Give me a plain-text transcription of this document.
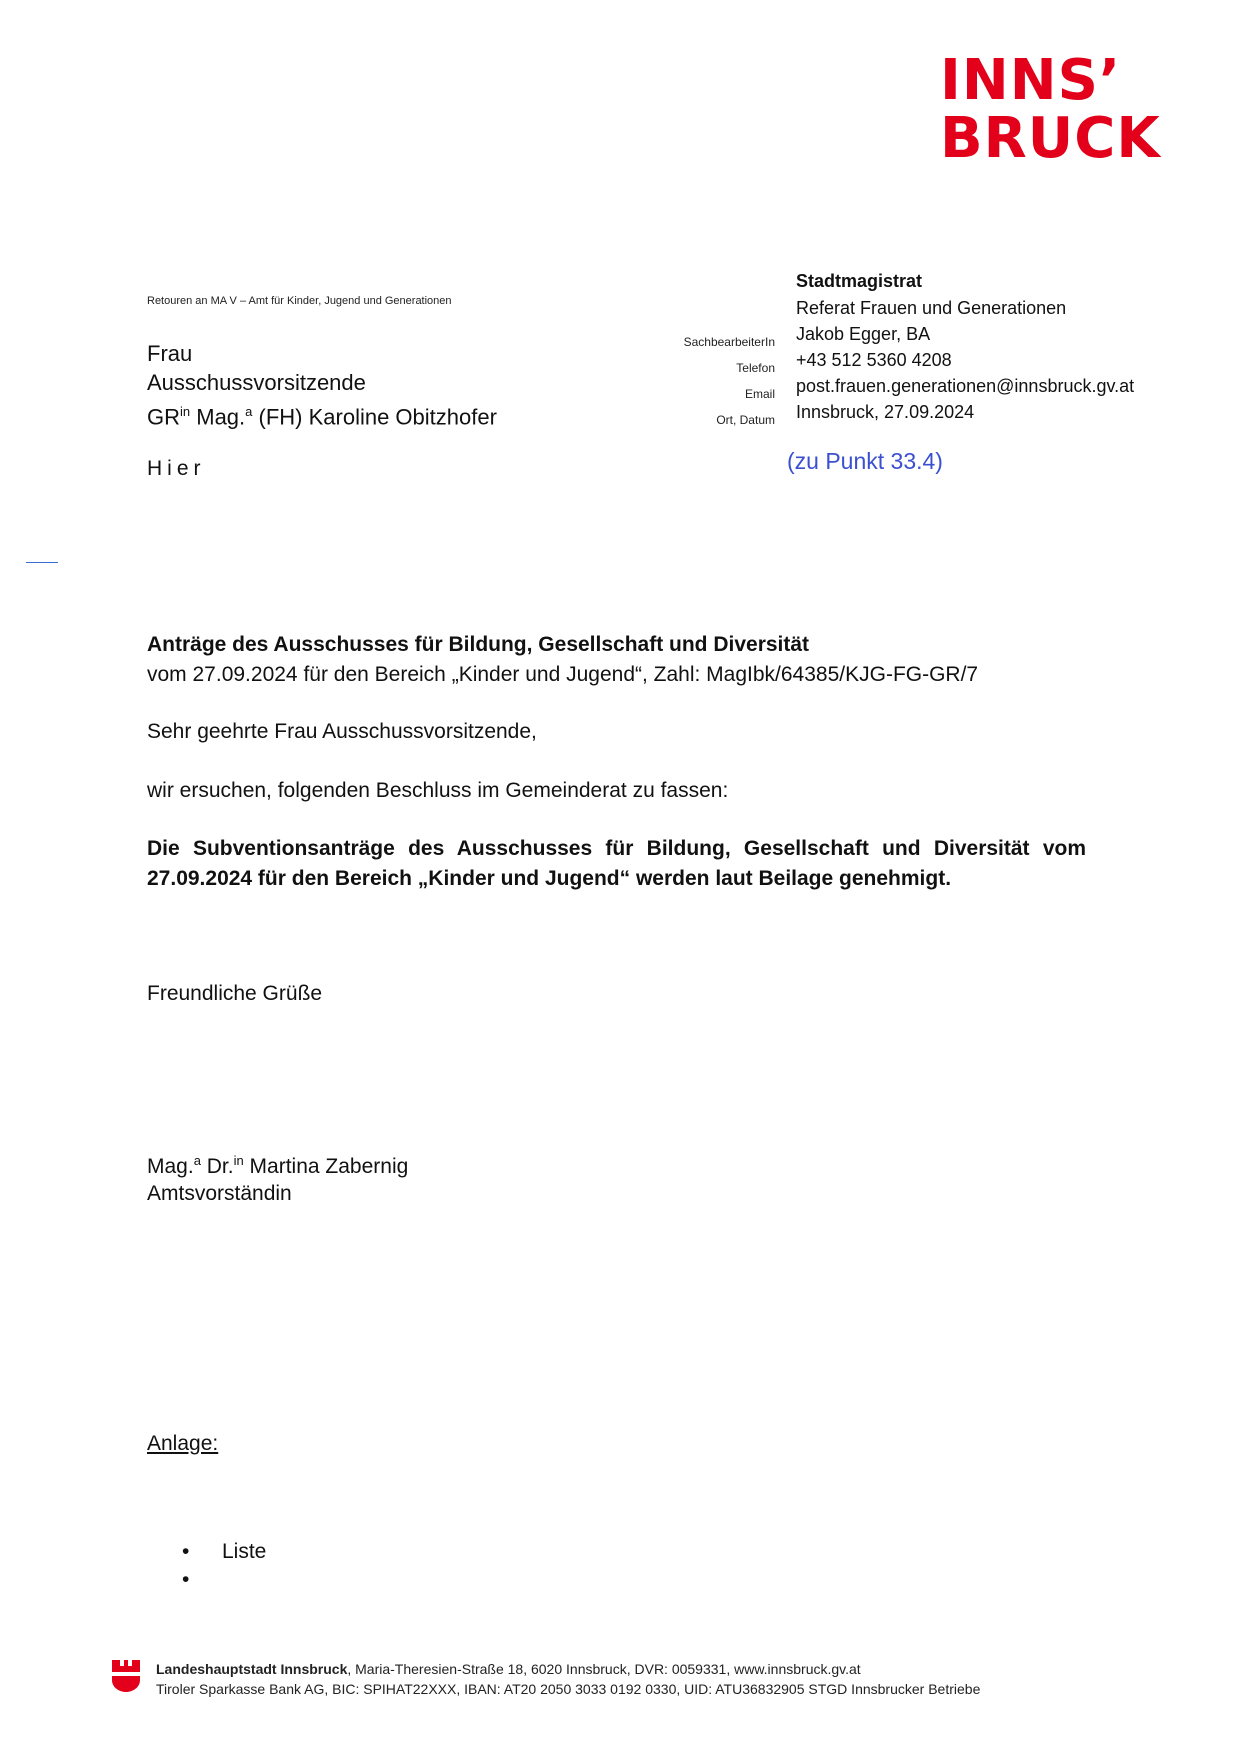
INNS’
BRUCK
Retouren an MA V – Amt für Kinder, Jugend und Generationen
Frau
Ausschussvorsitzende
$GR^{in}$ Mag.$^a$ (FH) Karoline Obitzhofer
Hier
Stadtmagistrat
Referat Frauen und Generationen
SachbearbeiterIn
Telefon
Email
Ort, Datum
Jakob Egger, BA
+43 512 5360 4208
post.frauen.generationen@innsbruck.gv.at
Innsbruck, 27.09.2024
(zu Punkt 33.4)
Anträge des Ausschusses für Bildung, Gesellschaft und Diversität
vom 27.09.2024 für den Bereich „Kinder und Jugend“, Zahl: MagIbk/64385/KJG-FG-GR/7
Sehr geehrte Frau Ausschussvorsitzende,
wir ersuchen, folgenden Beschluss im Gemeinderat zu fassen:
Die Subventionsanträge des Ausschusses für Bildung, Gesellschaft und Diversität vom 27.09.2024 für den Bereich „Kinder und Jugend“ werden laut Beilage genehmigt.
Freundliche Grüße
Mag.$^a$ Dr.$^{in}$ Martina Zabernig
Amtsvorständin
Anlage:
• Liste
•
Landeshauptstadt Innsbruck, Maria-Theresien-Straße 18, 6020 Innsbruck, DVR: 0059331, www.innsbruck.gv.at
Tiroler Sparkasse Bank AG, BIC: SPIHAT22XXX, IBAN: AT20 2050 3033 0192 0330, UID: ATU36832905 STGD Innsbrucker Betriebe
